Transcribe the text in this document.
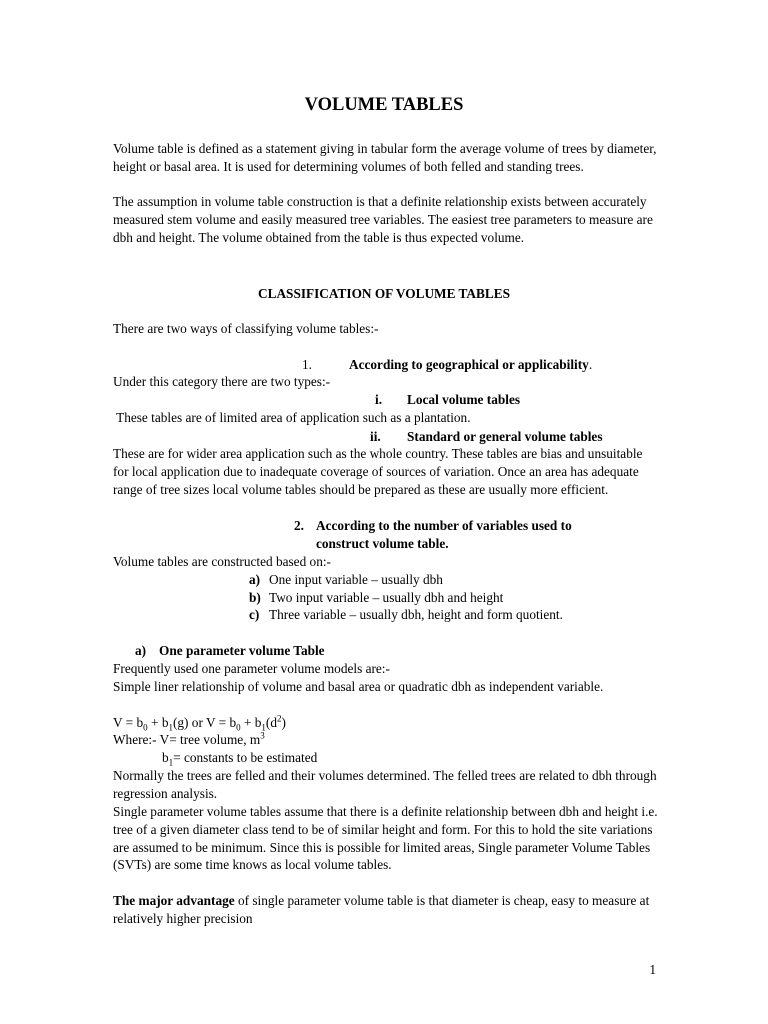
VOLUME TABLES

Volume table is defined as a statement giving in tabular form the average volume of trees by diameter, height or basal area. It is used for determining volumes of both felled and standing trees.

The assumption in volume table construction is that a definite relationship exists between accurately measured stem volume and easily measured tree variables. The easiest tree parameters to measure are dbh and height. The volume obtained from the table is thus expected volume.

CLASSIFICATION OF VOLUME TABLES

There are two ways of classifying volume tables:-

1.	According to geographical or applicability.

Under this category there are two types:-

i. Local volume tables

These tables are of limited area of application such as a plantation.

ii. Standard or general volume tables

These are for wider area application such as the whole country. These tables are bias and unsuitable for local application due to inadequate coverage of sources of variation. Once an area has adequate range of tree sizes local volume tables should be prepared as these are usually more efficient.

2. According to the number of variables used to
construct volume table.

Volume tables are constructed based on:-

a) One input variable – usually dbh
b) Two input variable – usually dbh and height
c) Three variable – usually dbh, height and form quotient.
a) One parameter volume Table

Frequently used one parameter volume models are:-

Simple liner relationship of volume and basal area or quadratic dbh as independent variable.

$V = b_0 + b_1(g)$ or $V = b_0 + b_1(d^2)$
Where:- V= tree volume, $m^3$
$b_1=$ constants to be estimated

Normally the trees are felled and their volumes determined. The felled trees are related to dbh through regression analysis.

Single parameter volume tables assume that there is a definite relationship between dbh and height i.e. tree of a given diameter class tend to be of similar height and form. For this to hold the site variations are assumed to be minimum. Since this is possible for limited areas, Single parameter Volume Tables (SVTs) are some time knows as local volume tables.

The major advantage of single parameter volume table is that diameter is cheap, easy to measure at relatively higher precision

1
